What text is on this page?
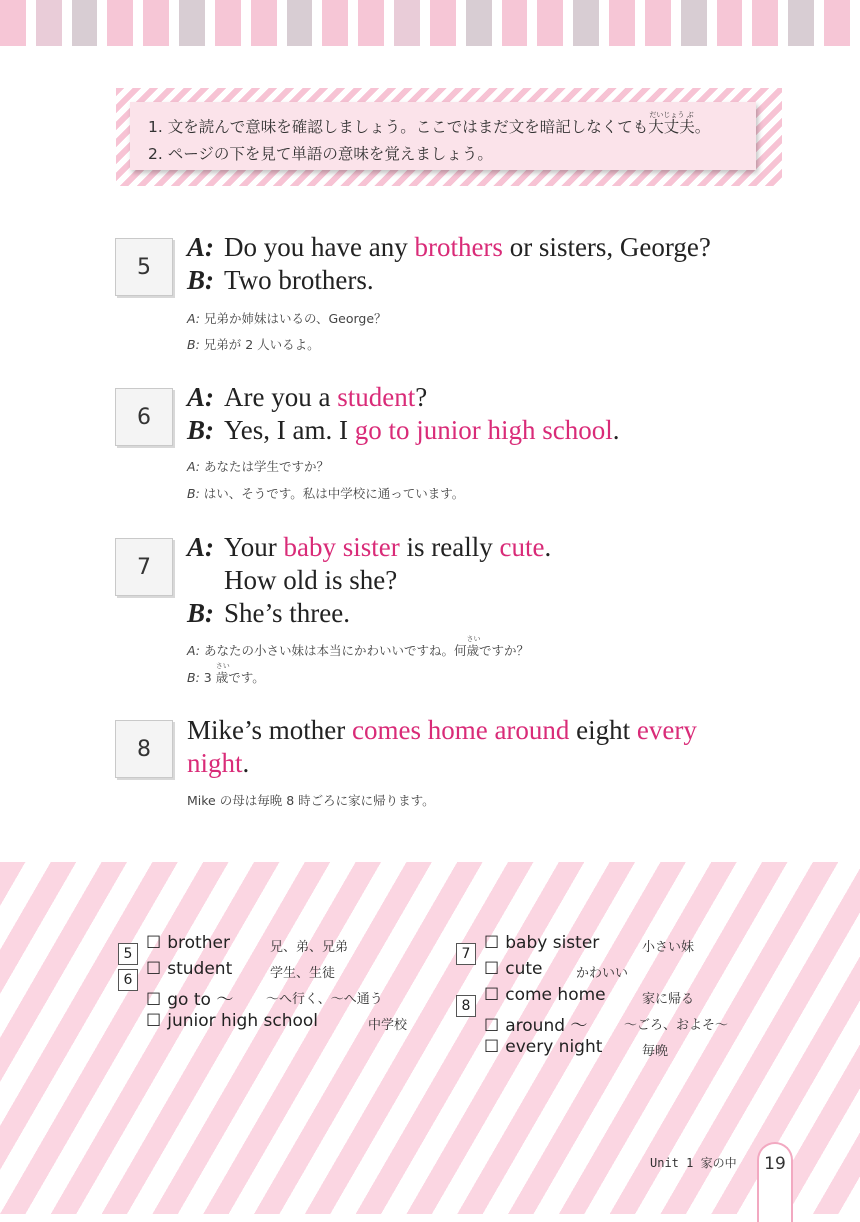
1. 文を読んで意味を確認しましょう。ここではまだ文を暗記しなくても
だいじょう ぶ
大丈夫。
2. ページの下を見て単語の意味を覚えましょう。
5
A: Do you have any brothers or sisters, George?
B: Two brothers.
A: 兄弟か姉妹はいるの、George？
B: 兄弟が 2 人いるよ。
6
A: Are you a student?
B: Yes, I am. I go to junior high school.
A: あなたは学生ですか？
B: はい、そうです。私は中学校に通っています。
7
A: Your baby sister is really cute.
How old is she?
B: She’s three.
A: あなたの小さい妹は本当にかわいいですね。何
さい
歳ですか？
B: 3
さい
歳です。
8
Mike’s mother comes home around eight every
night.
Mike の母は毎晩 8 時ごろに家に帰ります。
5
6
7
8
☐ brother	兄、弟、兄弟
☐ student	学生、生徒
☐ go to ～	～へ行く、～へ通う
☐ junior high school	中学校
☐ baby sister	小さい妹
☐ cute	かわいい
☐ come home	家に帰る
☐ around ～	～ごろ、およそ～
☐ every night	毎晩
Unit 1 家の中	19
